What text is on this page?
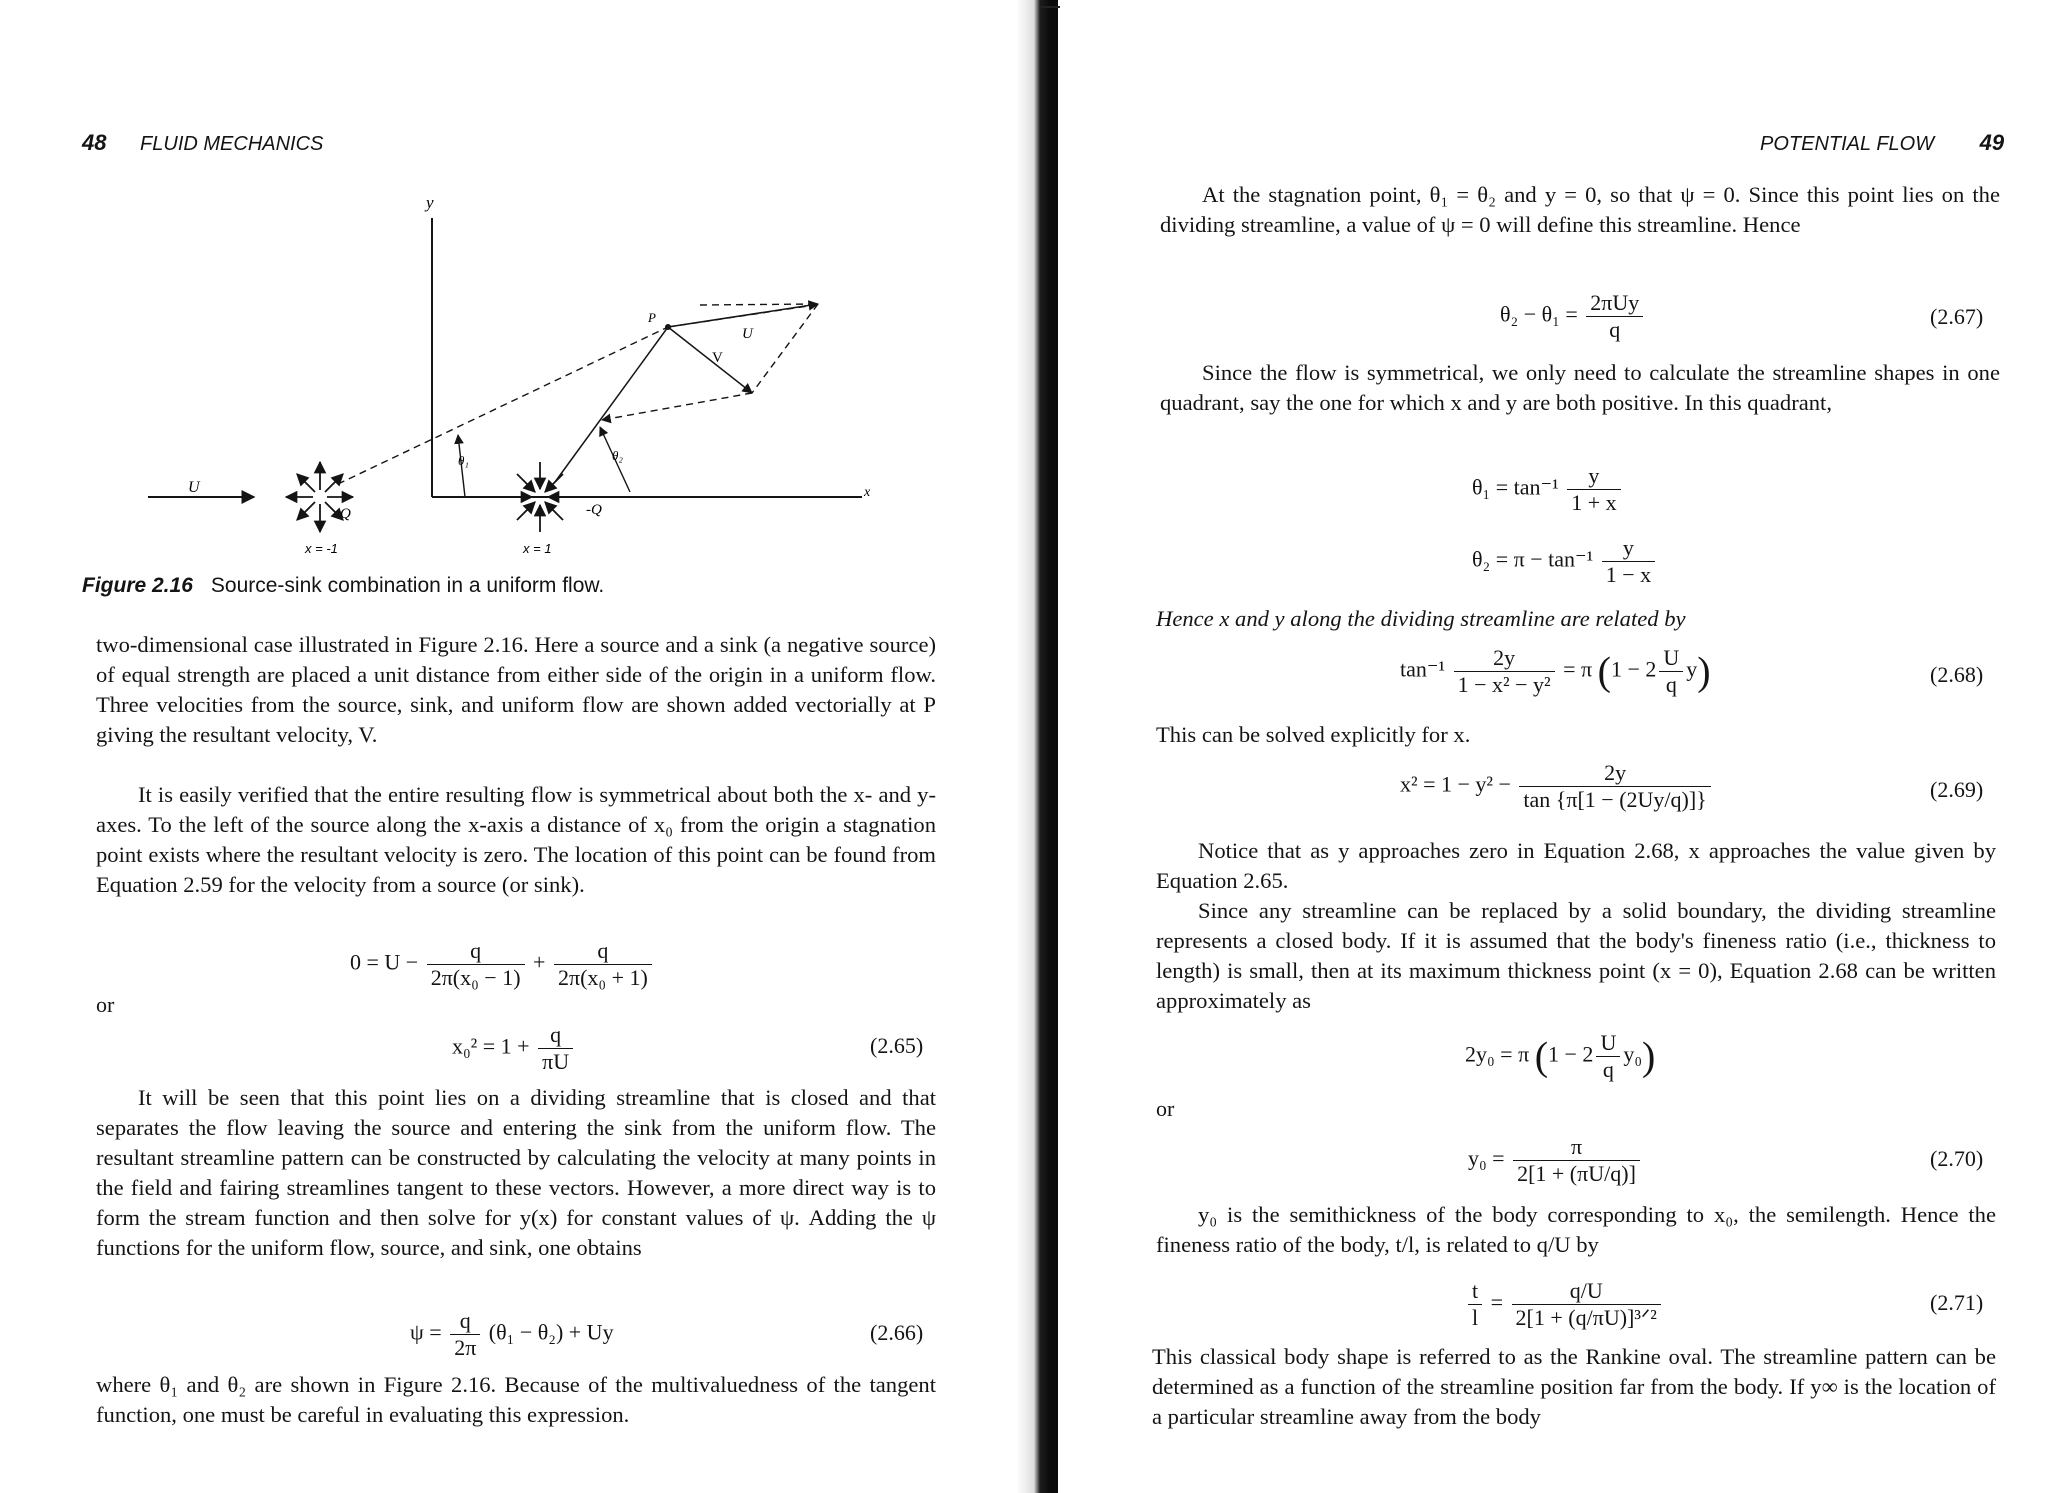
48 FLUID MECHANICS
y
x
U
Q	-Q
x = -1	x = 1
P
V
U
θ₁	θ₂
Figure 2.16 Source-sink combination in a uniform flow.

two-dimensional case illustrated in Figure 2.16. Here a source and a sink (a negative source) of equal strength are placed a unit distance from either side of the origin in a uniform flow. Three velocities from the source, sink, and uniform flow are shown added vectorially at P giving the resultant velocity, V.

It is easily verified that the entire resulting flow is symmetrical about both the x- and y-axes. To the left of the source along the x-axis a distance of x₀ from the origin a stagnation point exists where the resultant velocity is zero. The location of this point can be found from Equation 2.59 for the velocity from a source (or sink).

$0 = U - \frac{q}{\text{2π(x₀ − 1)}} + \frac{q}{\text{2π(x₀ + 1)}}$
or
$x_0^2 = 1 + \frac{q}{\pi U}$	(2.65)

It will be seen that this point lies on a dividing streamline that is closed and that separates the flow leaving the source and entering the sink from the uniform flow. The resultant streamline pattern can be constructed by calculating the velocity at many points in the field and fairing streamlines tangent to these vectors. However, a more direct way is to form the stream function and then solve for y(x) for constant values of ψ. Adding the ψ functions for the uniform flow, source, and sink, one obtains

$\psi = \frac{q}{2\pi} (\theta_1 - \theta_2) + Uy$	(2.66)

where θ₁ and θ₂ are shown in Figure 2.16. Because of the multivaluedness of the tangent function, one must be careful in evaluating this expression.

POTENTIAL FLOW 49

At the stagnation point, θ₁ = θ₂ and y = 0, so that ψ = 0. Since this point lies on the dividing streamline, a value of ψ = 0 will define this streamline. Hence

$\theta_2 - \theta_1 = \frac{\text{2πUy}}{q}$	(2.67)

Since the flow is symmetrical, we only need to calculate the streamline shapes in one quadrant, say the one for which x and y are both positive. In this quadrant,

$\theta_1 = \tan^{-1} \frac{y}{1 + x}$
$\theta_2 = \pi - \tan^{-1} \frac{y}{1 - x}$
Hence x and y along the dividing streamline are related by
$\tan^{-1} \frac{2y}{\text{1 − x² − y²}} = \pi$ $(1 - 2 \frac{U}{q} y)$	(2.68)
This can be solved explicitly for x.
$x^2 = 1 - y^2 - \frac{2y}{\tan \{\pi[1 - (2Uy/q)]\}}$	(2.69)

Notice that as y approaches zero in Equation 2.68, x approaches the value given by Equation 2.65.

Since any streamline can be replaced by a solid boundary, the dividing streamline represents a closed body. If it is assumed that the body's fineness ratio (i.e., thickness to length) is small, then at its maximum thickness point (x = 0), Equation 2.68 can be written approximately as

2y₀ = π $(1 - 2 \frac{U}{q} y_0)$
or
$y_0 = \frac{\pi}{2[1 + (\pi U/q)]}$	(2.70)

y₀ is the semithickness of the body corresponding to x₀, the semilength. Hence the fineness ratio of the body, t/l, is related to q/U by

$\frac{t}{l} = \frac{q/U}{\text{2[1 + (q/πU)]³ᐟ²}}$	(2.71)

This classical body shape is referred to as the Rankine oval. The streamline pattern can be determined as a function of the streamline position far from the body. If y∞ is the location of a particular streamline away from the body
